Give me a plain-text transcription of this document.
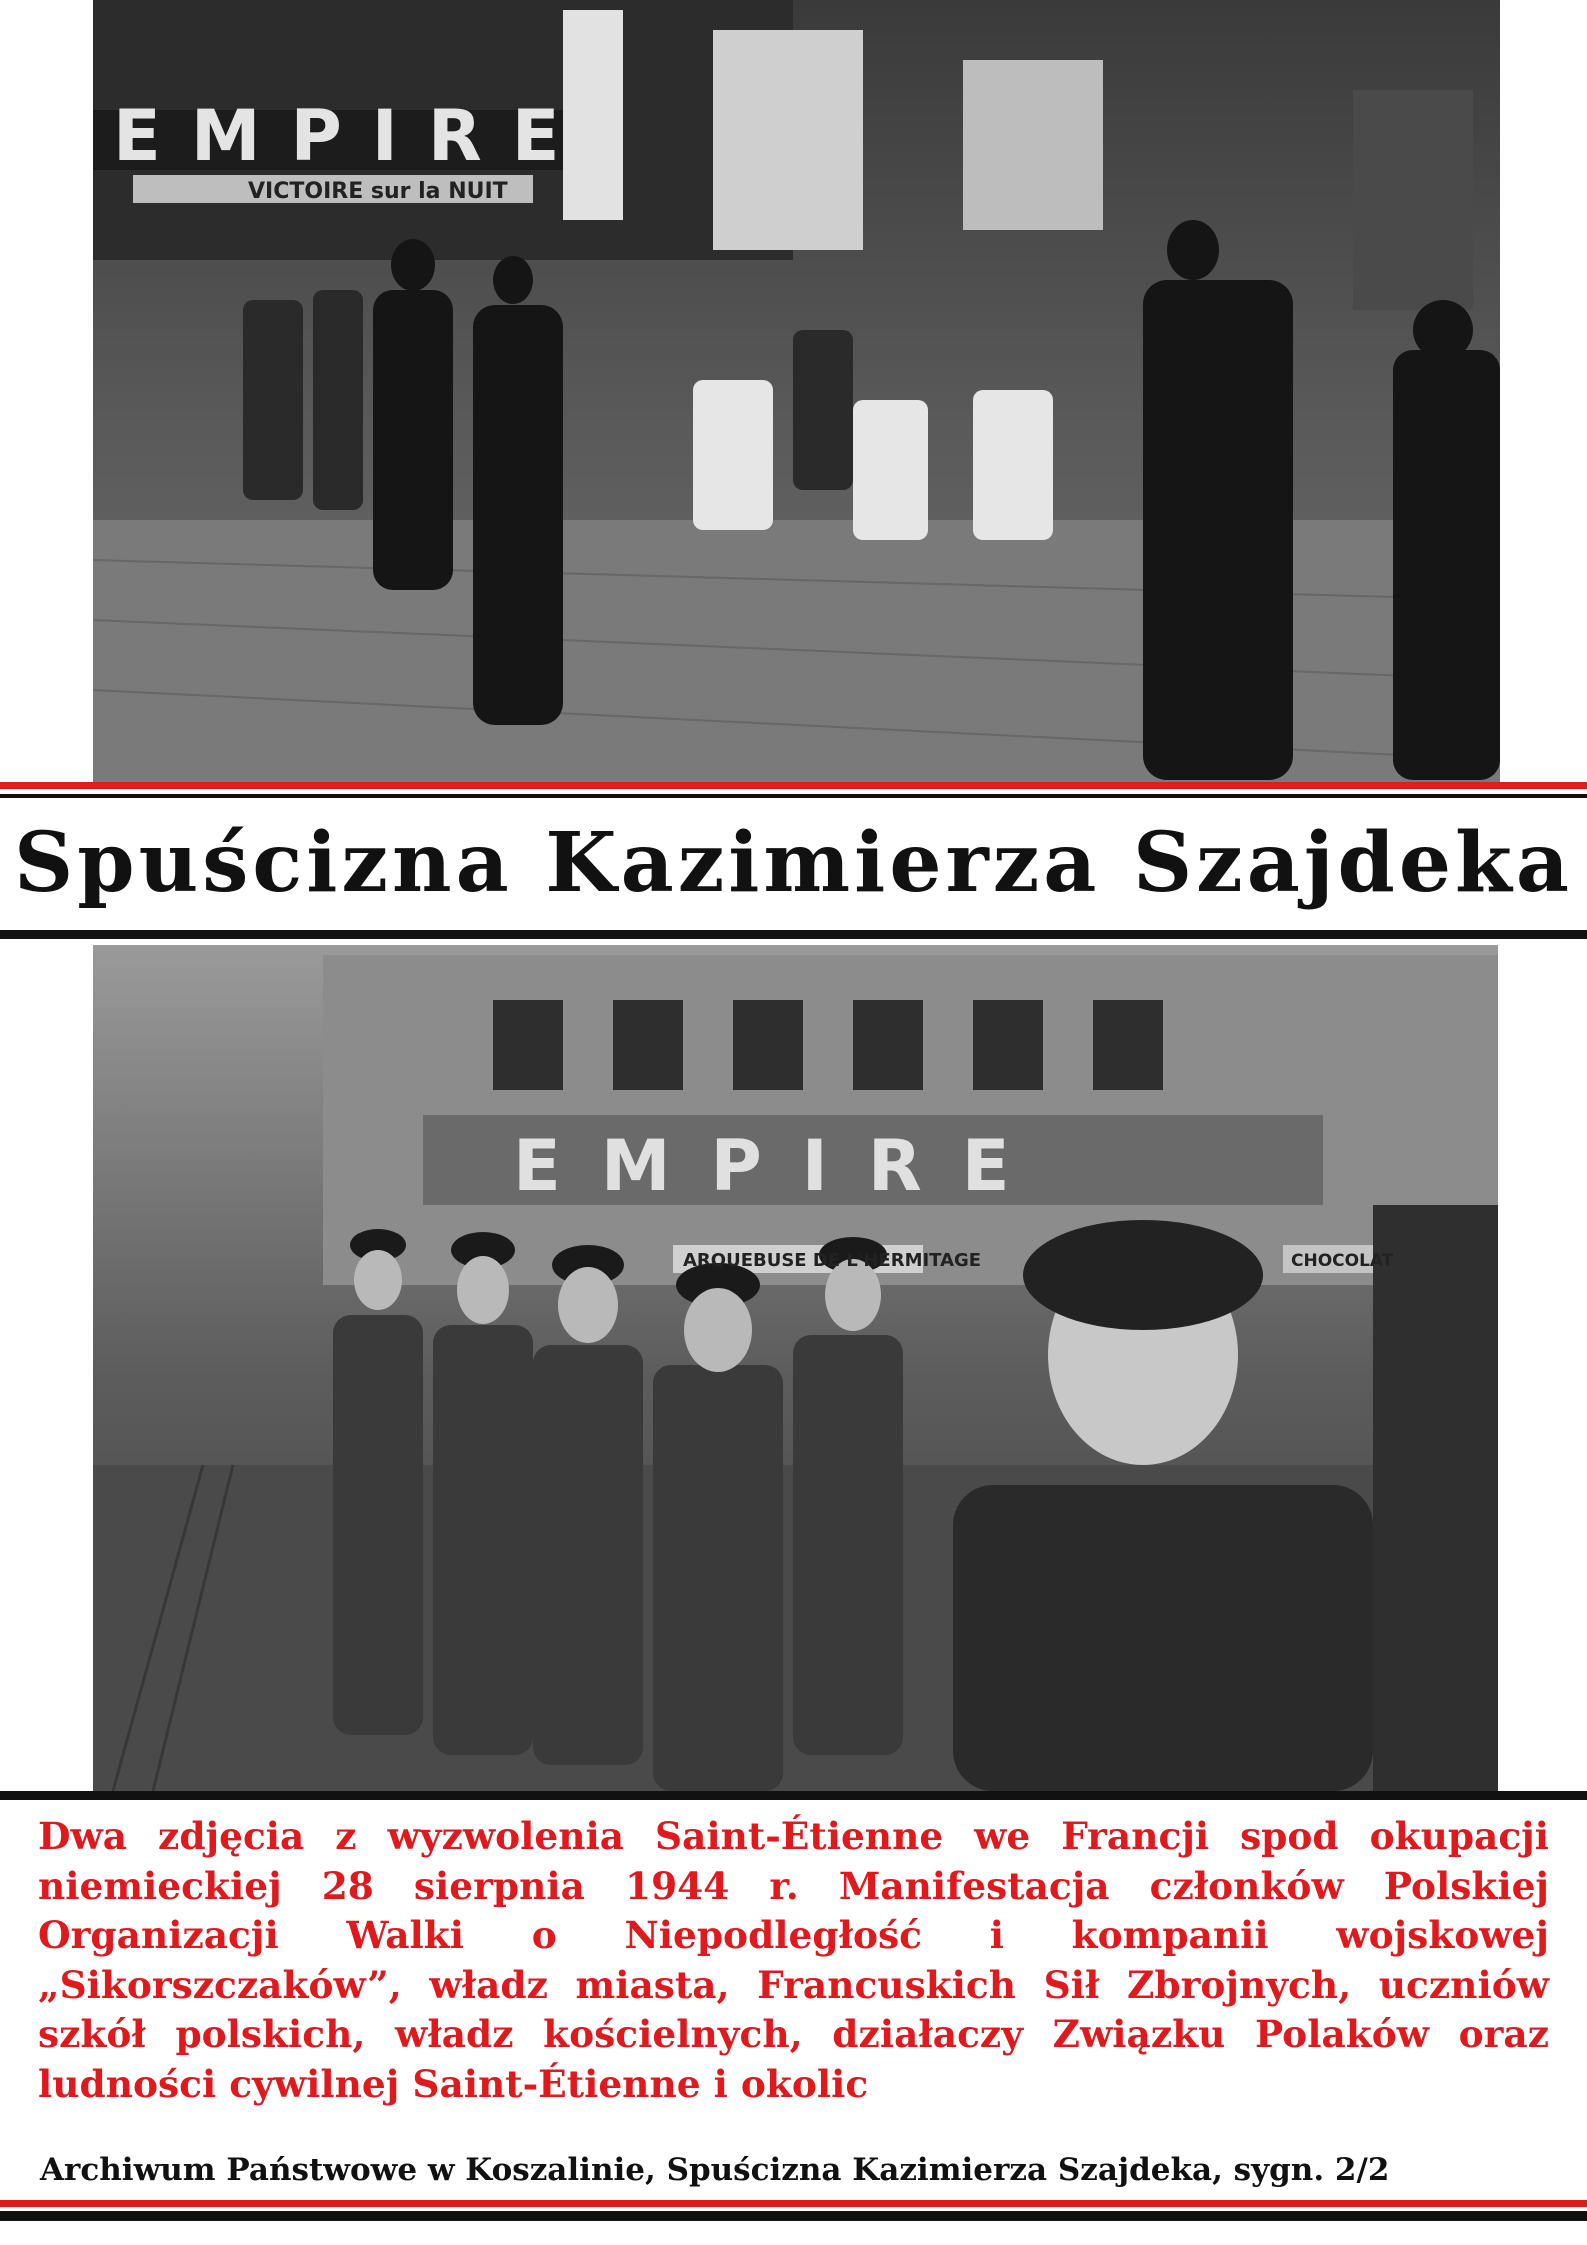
EMPIRE
VICTOIRE sur la NUIT
Spuścizna Kazimierza Szajdeka
EMPIRE
ARQUEBUSE DE L'HERMITAGE	CHOCOLAT
Dwa zdjęcia z wyzwolenia Saint-Étienne we Francji spod okupacji niemieckiej 28 sierpnia 1944 r. Manifestacja członków Polskiej Organizacji Walki o Niepodległość i kompanii wojskowej „Sikorszczaków”, władz miasta, Francuskich Sił Zbrojnych, uczniów szkół polskich, władz kościelnych, działaczy Związku Polaków oraz ludności cywilnej Saint-Étienne i okolic
Archiwum Państwowe w Koszalinie, Spuścizna Kazimierza Szajdeka, sygn. 2/2
